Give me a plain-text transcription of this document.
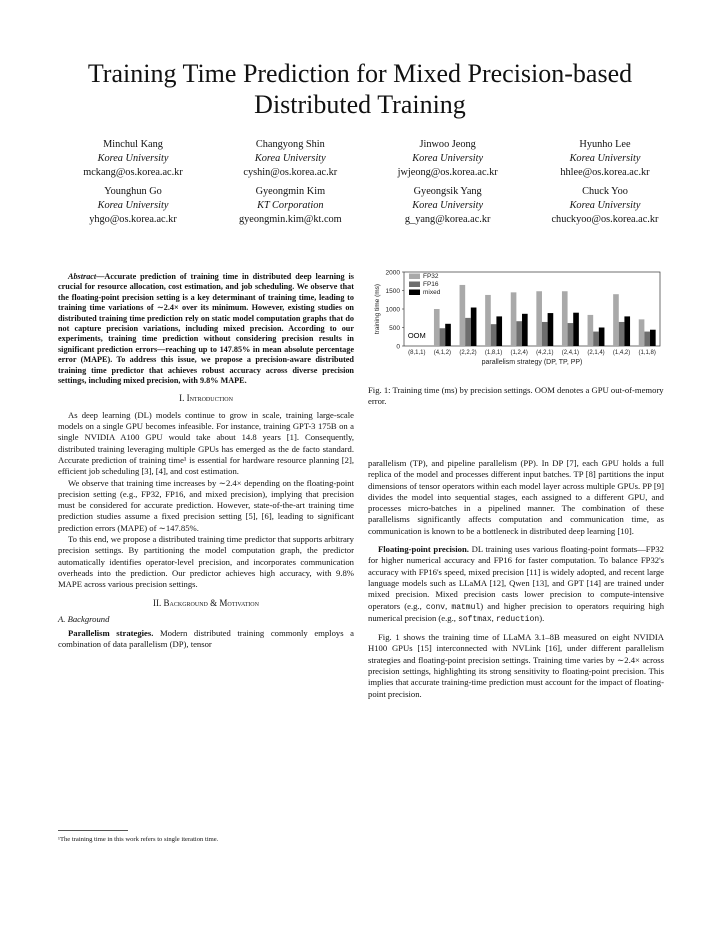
Training Time Prediction for Mixed Precision-based Distributed Training
Minchul Kang
Korea University
mckang@os.korea.ac.kr
Changyong Shin
Korea University
cyshin@os.korea.ac.kr
Jinwoo Jeong
Korea University
jwjeong@os.korea.ac.kr
Hyunho Lee
Korea University
hhlee@os.korea.ac.kr
Younghun Go
Korea University
yhgo@os.korea.ac.kr
Gyeongmin Kim
KT Corporation
gyeongmin.kim@kt.com
Gyeongsik Yang
Korea University
g_yang@korea.ac.kr
Chuck Yoo
Korea University
chuckyoo@os.korea.ac.kr
Abstract—Accurate prediction of training time in distributed deep learning is crucial for resource allocation, cost estimation, and job scheduling. We observe that the floating-point precision setting is a key determinant of training time, leading to training time variations of ∼2.4× over its minimum. However, existing studies on distributed training time prediction rely on static model computation graphs that do not capture precision variations, including mixed precision. According to our experiments, training time prediction without considering precision results in significant prediction errors—reaching up to 147.85% in mean absolute percentage error (MAPE). To address this issue, we propose a precision-aware distributed training time predictor that achieves robust accuracy across diverse precision settings, including mixed precision, with 9.8% MAPE.
I. Introduction

As deep learning (DL) models continue to grow in scale, training large-scale models on a single GPU becomes infeasible. For instance, training GPT-3 175B on a single NVIDIA A100 GPU would take about 14.8 years [1]. Consequently, distributed training leveraging multiple GPUs has emerged as the de facto standard. Accurate prediction of training time¹ is essential for hardware resource planning [2], efficient job scheduling [3], [4], and cost estimation.

We observe that training time increases by ∼2.4× depending on the floating-point precision setting (e.g., FP32, FP16, and mixed precision), implying that precision must be considered for accurate prediction. However, state-of-the-art training time prediction studies assume a fixed precision setting [5], [6], leading to significant prediction errors (MAPE) of ∼147.85%.

To this end, we propose a distributed training time predictor that supports arbitrary precision settings. By partitioning the model computation graph, the predictor automatically identifies operator-level precision, and incorporates communication overheads into the prediction. Our predictor achieves high accuracy, with 9.8% MAPE across various precision settings.

II. Background & Motivation
A. Background

Parallelism strategies. Modern distributed training commonly employs a combination of data parallelism (DP), tensor

¹The training time in this work refers to single iteration time.
0
500
1000
1500
2000
training time (ms)
(8,1,1)
OOM
(4,1,2) (2,2,2) (1,8,1) (1,2,4) (4,2,1) (2,4,1) (2,1,4) (1,4,2) (1,1,8)
parallelism strategy (DP, TP, PP)
FP32
FP16
mixed
Fig. 1: Training time (ms) by precision settings. OOM denotes a GPU out-of-memory error.

parallelism (TP), and pipeline parallelism (PP). In DP [7], each GPU holds a full replica of the model and processes different input batches. TP [8] partitions the input dimensions of tensor operators within each model layer across multiple GPUs. PP [9] divides the model into sequential stages, each assigned to a different GPU, and processes micro-batches in a pipelined manner. The combination of these parallelisms significantly affects computation and communication time, as communication is known to be a bottleneck in distributed deep learning [10].

Floating-point precision. DL training uses various floating-point formats—FP32 for higher numerical accuracy and FP16 for faster computation. To balance FP32's accuracy with FP16's speed, mixed precision [11] is widely adopted, and recent large language models such as LLaMA [12], Qwen [13], and GPT [14] are trained under mixed precision. Mixed precision casts lower precision to compute-intensive operators (e.g., conv, matmul) and higher precision to operators requiring high numerical precision (e.g., softmax, reduction).

Fig. 1 shows the training time of LLaMA 3.1–8B measured on eight NVIDIA H100 GPUs [15] interconnected with NVLink [16], under different parallelism strategies and floating-point precision settings. Training time varies by ∼2.4× across precision settings, highlighting its strong sensitivity to floating-point precision. This implies that accurate training-time prediction must account for the impact of floating-point precision.
